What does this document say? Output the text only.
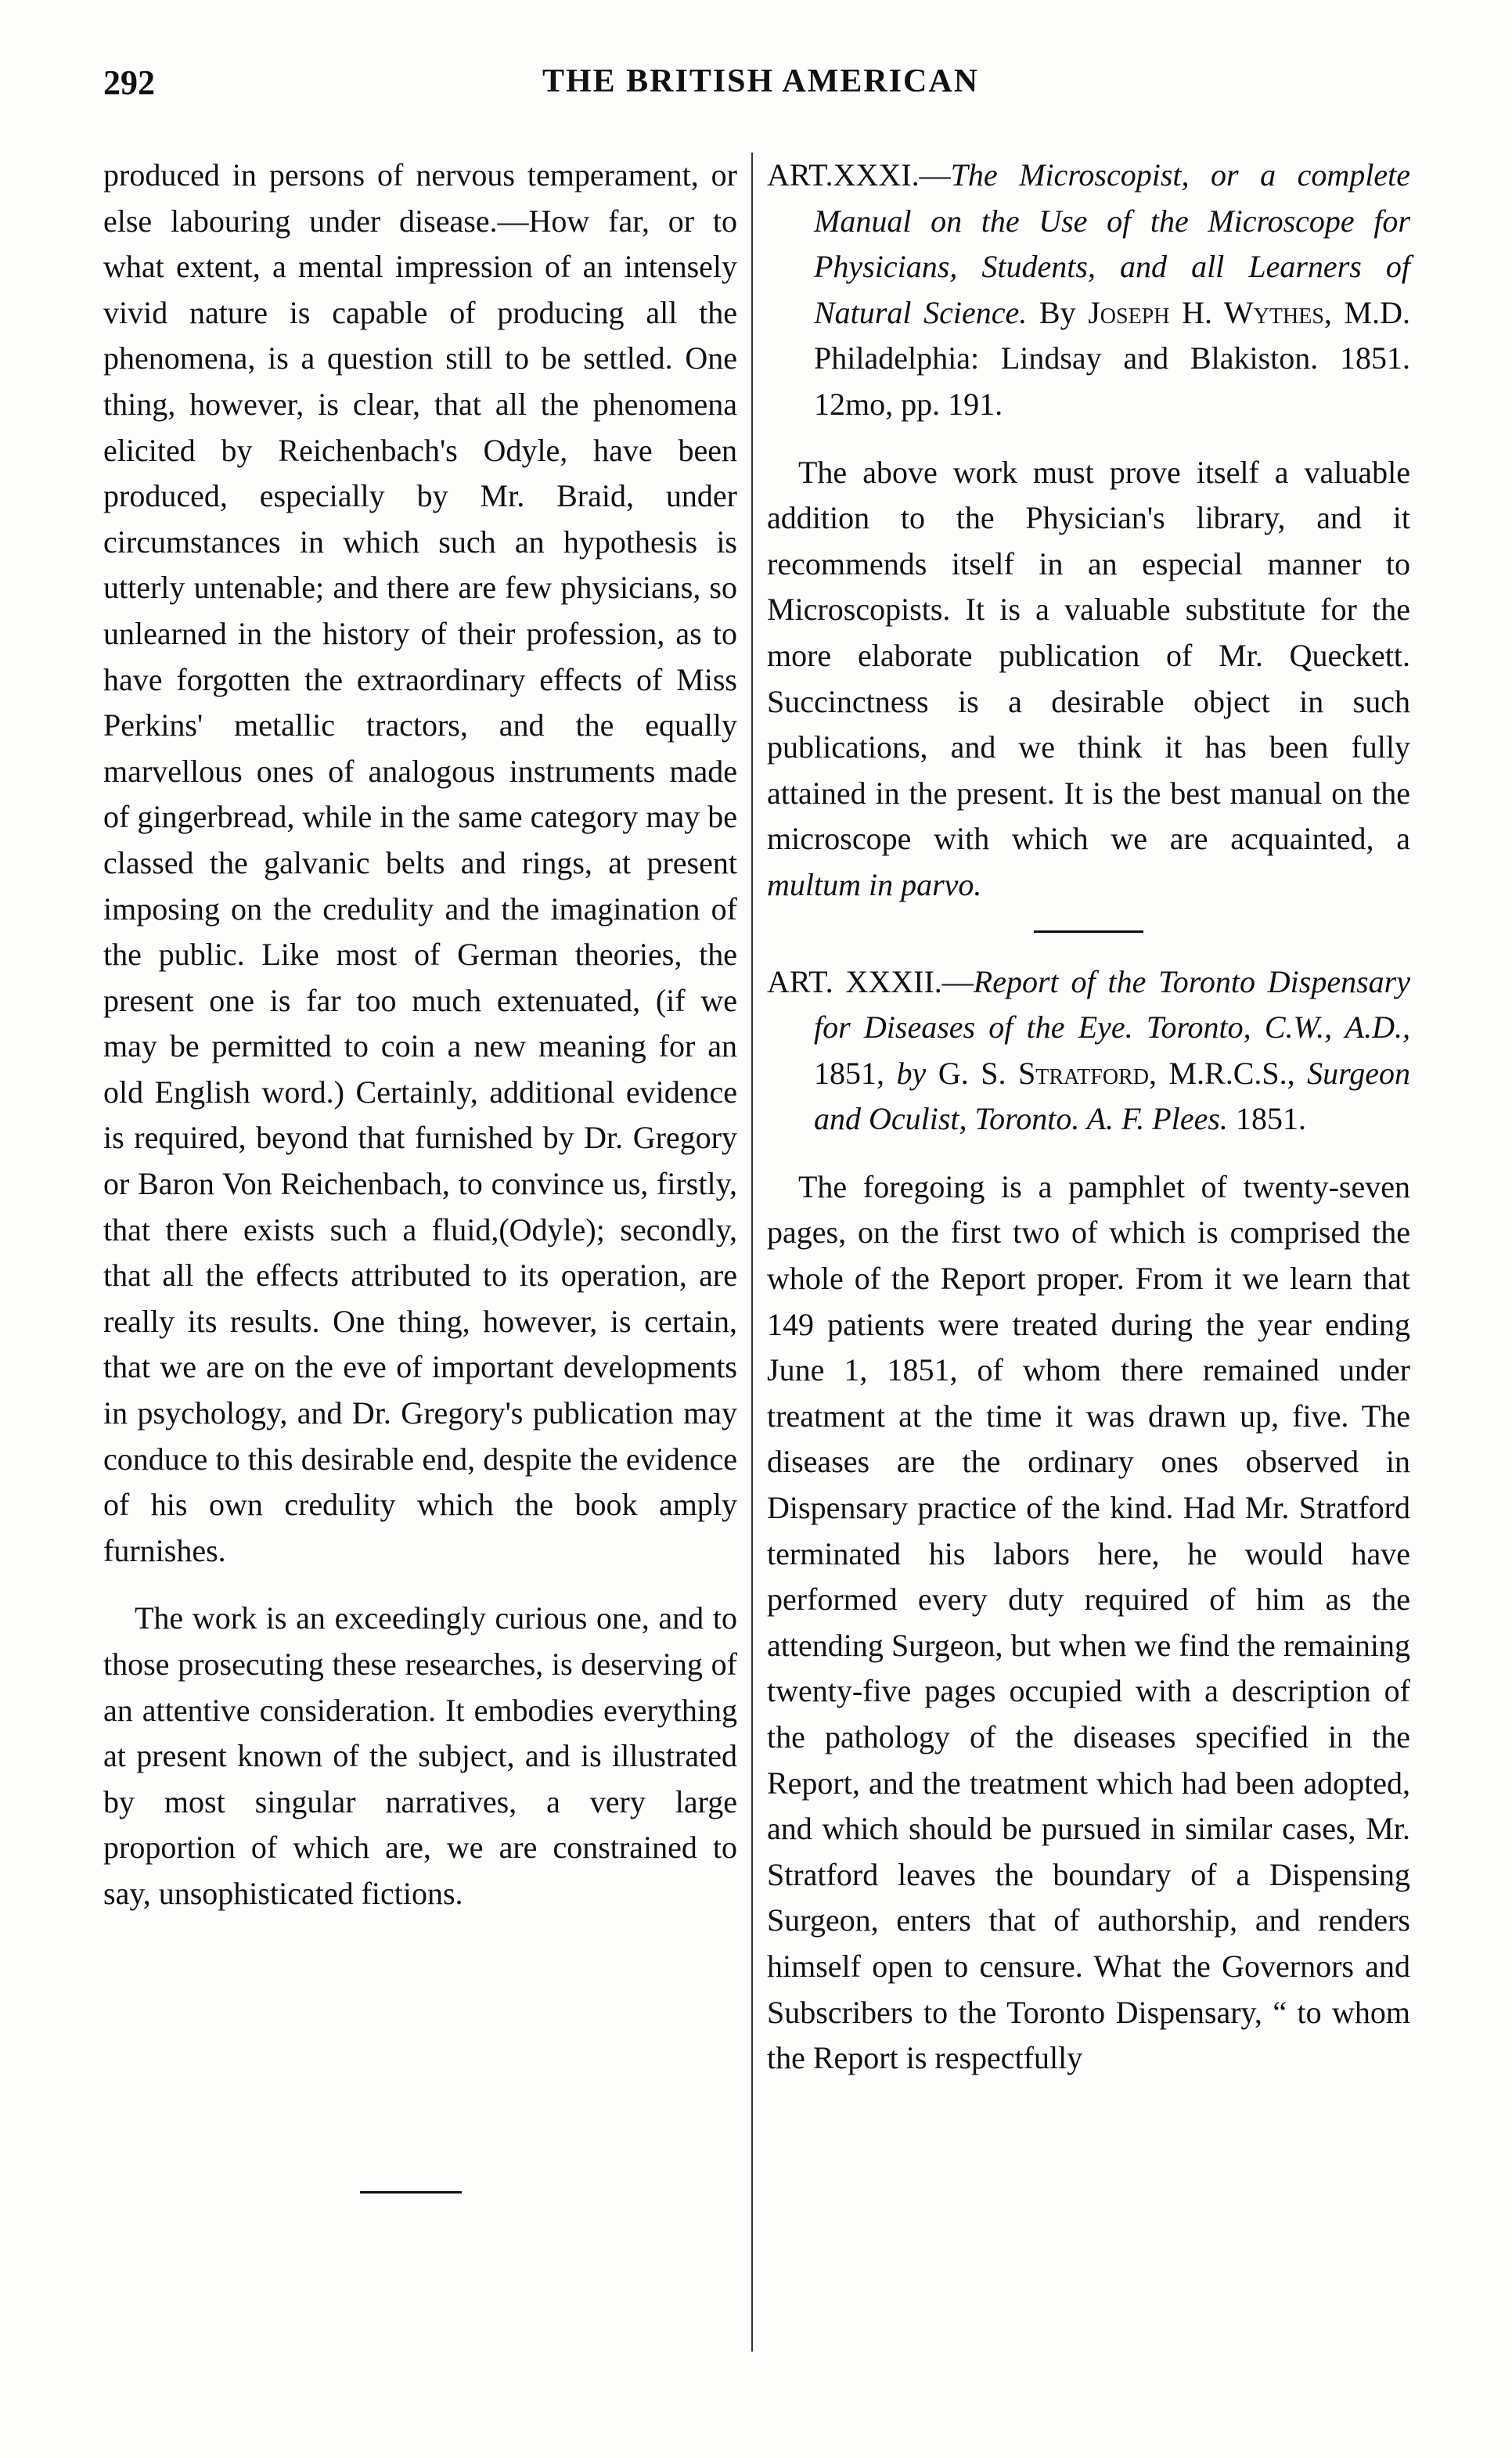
292	THE BRITISH AMERICAN

produced in persons of nervous temperament, or else labouring under disease.—How far, or to what extent, a mental impression of an intensely vivid nature is capable of producing all the phenomena, is a question still to be settled. One thing, however, is clear, that all the phenomena elicited by Reichenbach's Odyle, have been produced, especially by Mr. Braid, under circumstances in which such an hypothesis is utterly untenable; and there are few physicians, so unlearned in the history of their profession, as to have forgotten the extraordinary effects of Miss Perkins' metallic tractors, and the equally marvellous ones of analogous instruments made of gingerbread, while in the same category may be classed the galvanic belts and rings, at present imposing on the credulity and the imagination of the public. Like most of German theories, the present one is far too much extenuated, (if we may be permitted to coin a new meaning for an old English word.) Certainly, additional evidence is required, beyond that furnished by Dr. Gregory or Baron Von Reichenbach, to convince us, firstly, that there exists such a fluid,(Odyle); secondly, that all the effects attributed to its operation, are really its results. One thing, however, is certain, that we are on the eve of important developments in psychology, and Dr. Gregory's publication may conduce to this desirable end, despite the evidence of his own credulity which the book amply furnishes.

The work is an exceedingly curious one, and to those prosecuting these researches, is deserving of an attentive consideration. It embodies everything at present known of the subject, and is illustrated by most singular narratives, a very large proportion of which are, we are constrained to say, unsophisticated fictions.

ART.XXXI.—The Microscopist, or a complete Manual on the Use of the Microscope for Physicians, Students, and all Learners of Natural Science. By Joseph H. Wythes, M.D. Philadelphia: Lindsay and Blakiston. 1851. 12mo, pp. 191.

The above work must prove itself a valuable addition to the Physician's library, and it recommends itself in an especial manner to Microscopists. It is a valuable substitute for the more elaborate publication of Mr. Queckett. Succinctness is a desirable object in such publications, and we think it has been fully attained in the present. It is the best manual on the microscope with which we are acquainted, a multum in parvo.

ART. XXXII.—Report of the Toronto Dispensary for Diseases of the Eye. Toronto, C.W., A.D., 1851, by G. S. Stratford, M.R.C.S., Surgeon and Oculist, Toronto. A. F. Plees. 1851.

The foregoing is a pamphlet of twenty-seven pages, on the first two of which is comprised the whole of the Report proper. From it we learn that 149 patients were treated during the year ending June 1, 1851, of whom there remained under treatment at the time it was drawn up, five. The diseases are the ordinary ones observed in Dispensary practice of the kind. Had Mr. Stratford terminated his labors here, he would have performed every duty required of him as the attending Surgeon, but when we find the remaining twenty-five pages occupied with a description of the pathology of the diseases specified in the Report, and the treatment which had been adopted, and which should be pursued in similar cases, Mr. Stratford leaves the boundary of a Dispensing Surgeon, enters that of authorship, and renders himself open to censure. What the Governors and Subscribers to the Toronto Dispensary, “ to whom the Report is respectfully
